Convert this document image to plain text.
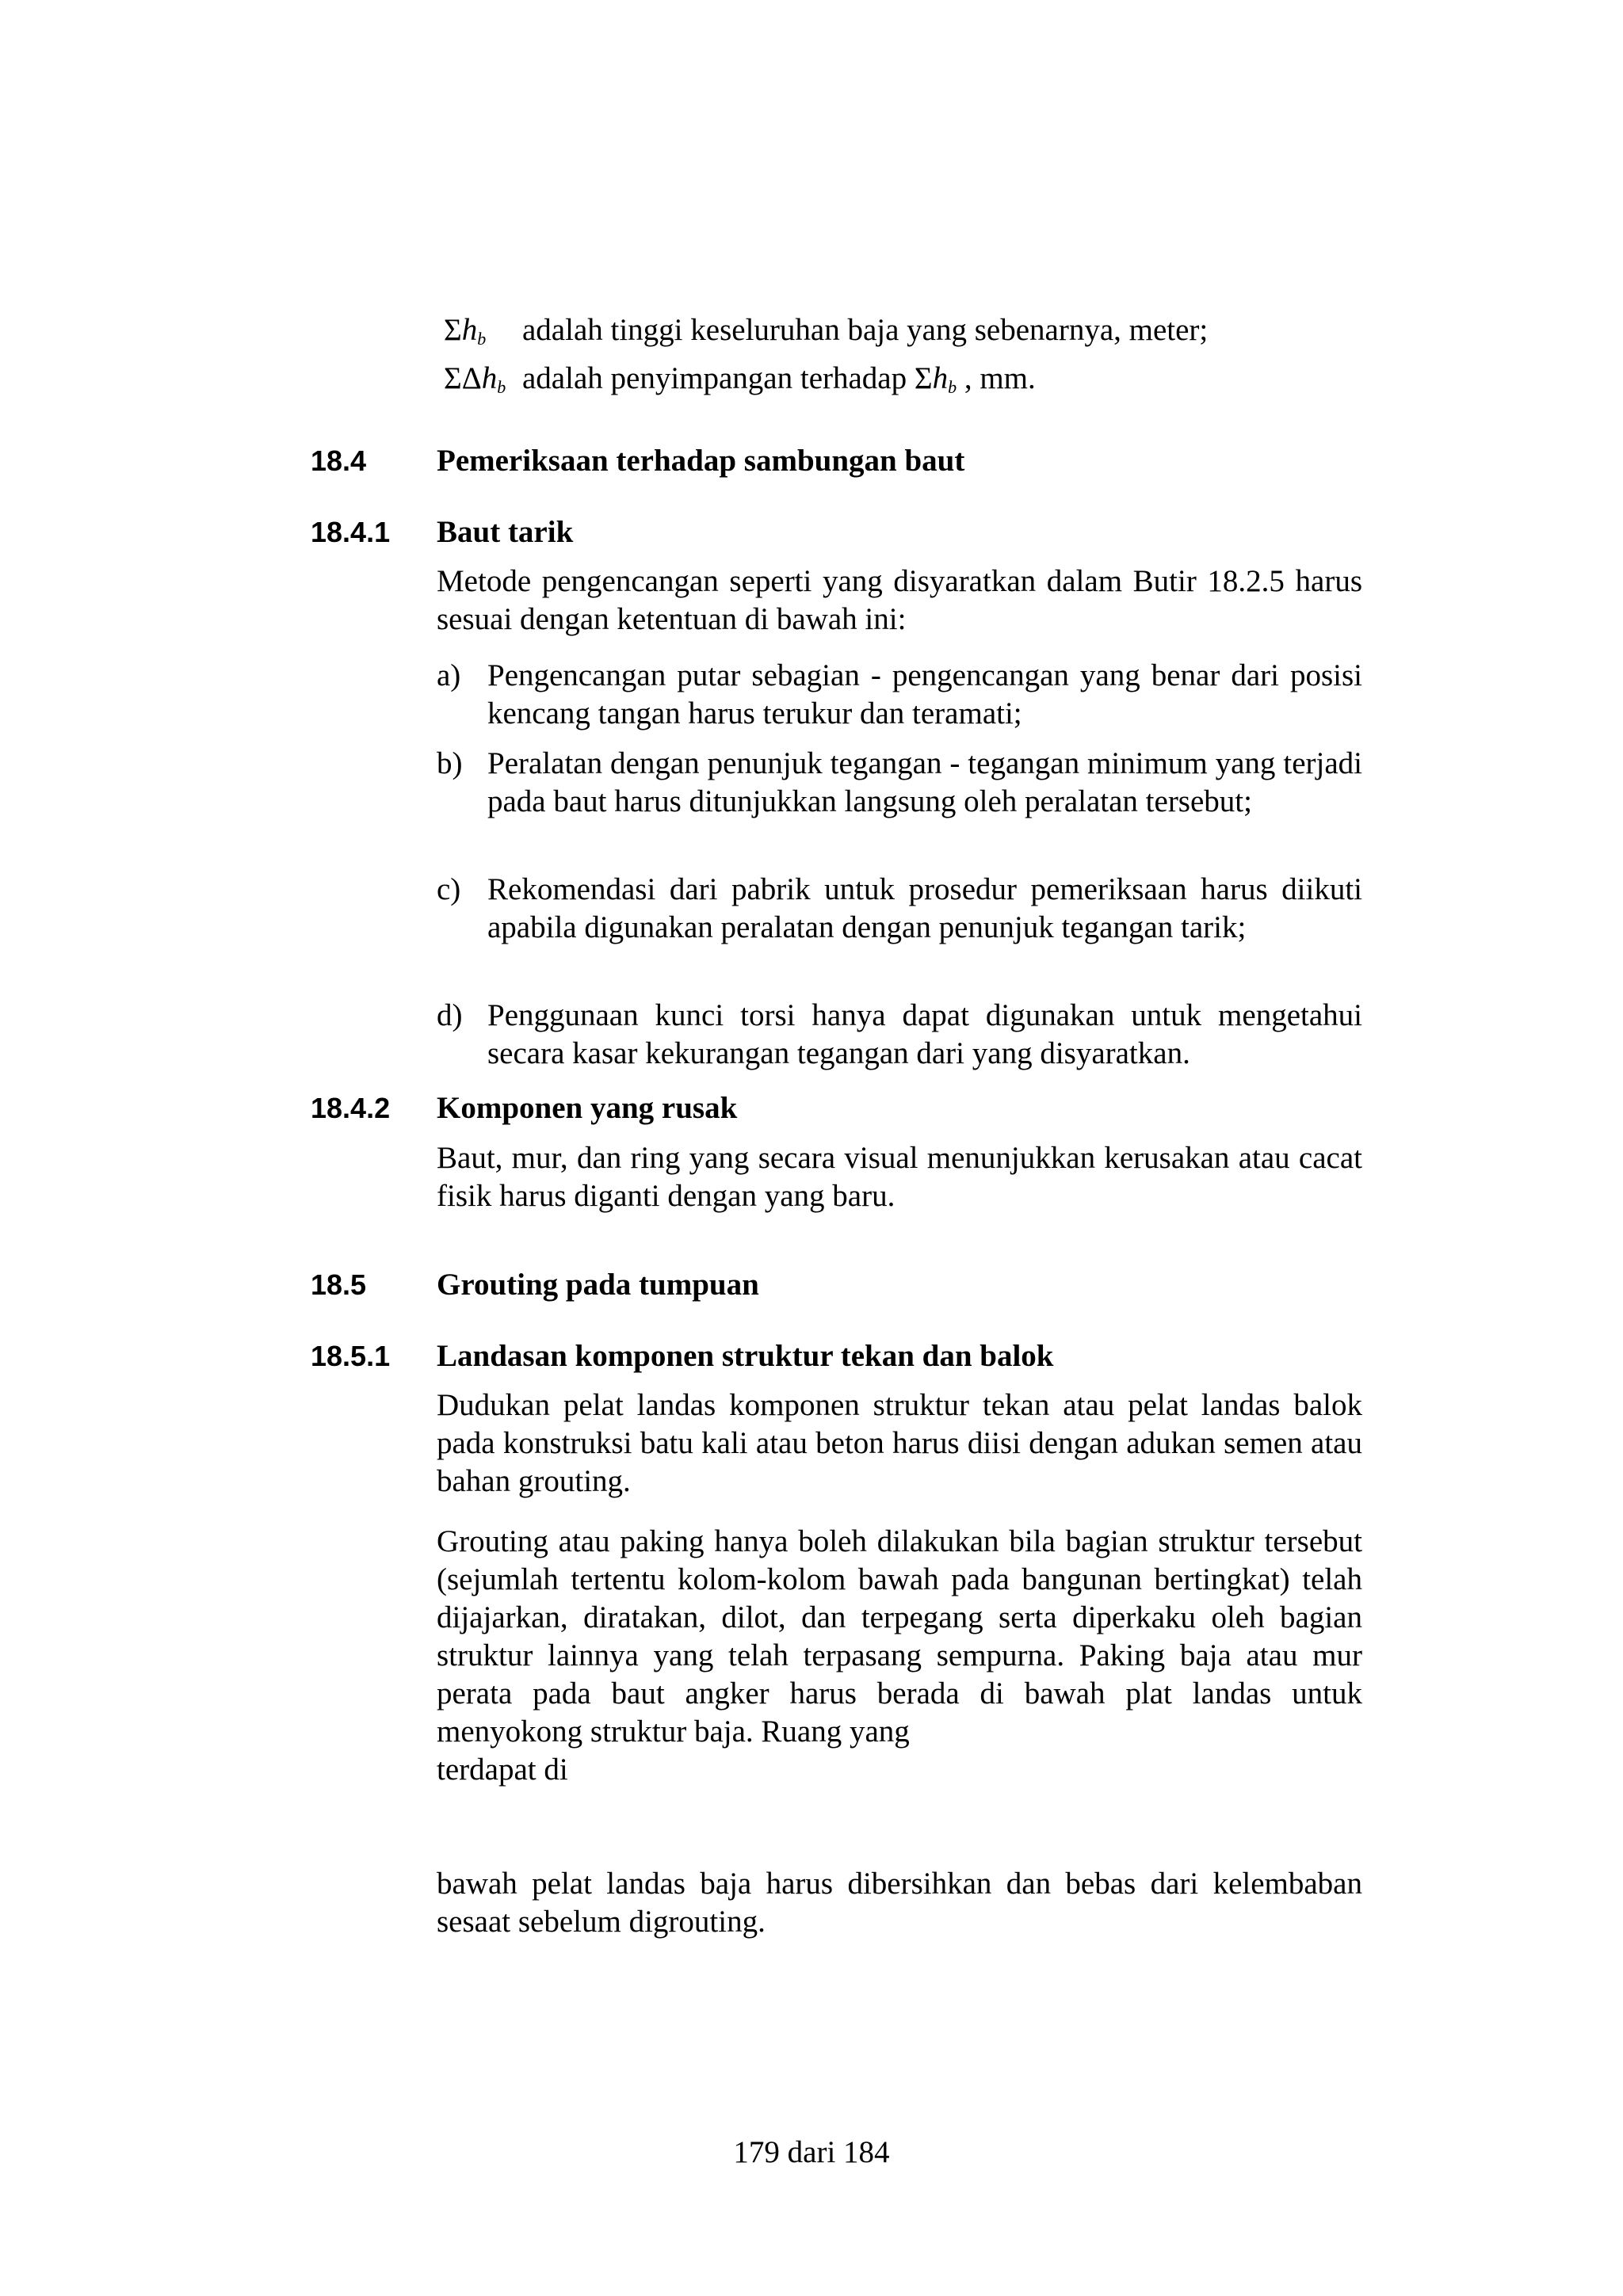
$\Sigma h_b$	adalah tinggi keseluruhan baja yang sebenarnya, meter;
ΣΔh$_b$ adalah penyimpangan terhadap $\Sigma h_b$ , mm.
18.4 Pemeriksaan terhadap sambungan baut
18.4.1 Baut tarik

Metode pengencangan seperti yang disyaratkan dalam Butir 18.2.5 harus sesuai dengan ketentuan di bawah ini:

a) Pengencangan putar sebagian - pengencangan yang benar dari posisi kencang tangan harus terukur dan teramati;
b) Peralatan dengan penunjuk tegangan - tegangan minimum yang terjadi pada baut harus ditunjukkan langsung oleh peralatan tersebut;
c) Rekomendasi dari pabrik untuk prosedur pemeriksaan harus diikuti apabila digunakan peralatan dengan penunjuk tegangan tarik;
d) Penggunaan kunci torsi hanya dapat digunakan untuk mengetahui secara kasar kekurangan tegangan dari yang disyaratkan.
18.4.2 Komponen yang rusak

Baut, mur, dan ring yang secara visual menunjukkan kerusakan atau cacat fisik harus diganti dengan yang baru.

18.5 Grouting pada tumpuan
18.5.1 Landasan komponen struktur tekan dan balok

Dudukan pelat landas komponen struktur tekan atau pelat landas balok pada konstruksi batu kali atau beton harus diisi dengan adukan semen atau bahan grouting.

Grouting atau paking hanya boleh dilakukan bila bagian struktur tersebut (sejumlah tertentu kolom-kolom bawah pada bangunan bertingkat) telah dijajarkan, diratakan, dilot, dan terpegang serta diperkaku oleh bagian struktur lainnya yang telah terpasang sempurna. Paking baja atau mur perata pada baut angker harus berada di bawah plat landas untuk menyokong struktur baja. Ruang yang

terdapat di

bawah pelat landas baja harus dibersihkan dan bebas dari kelembaban sesaat sebelum digrouting.

179 dari 184
